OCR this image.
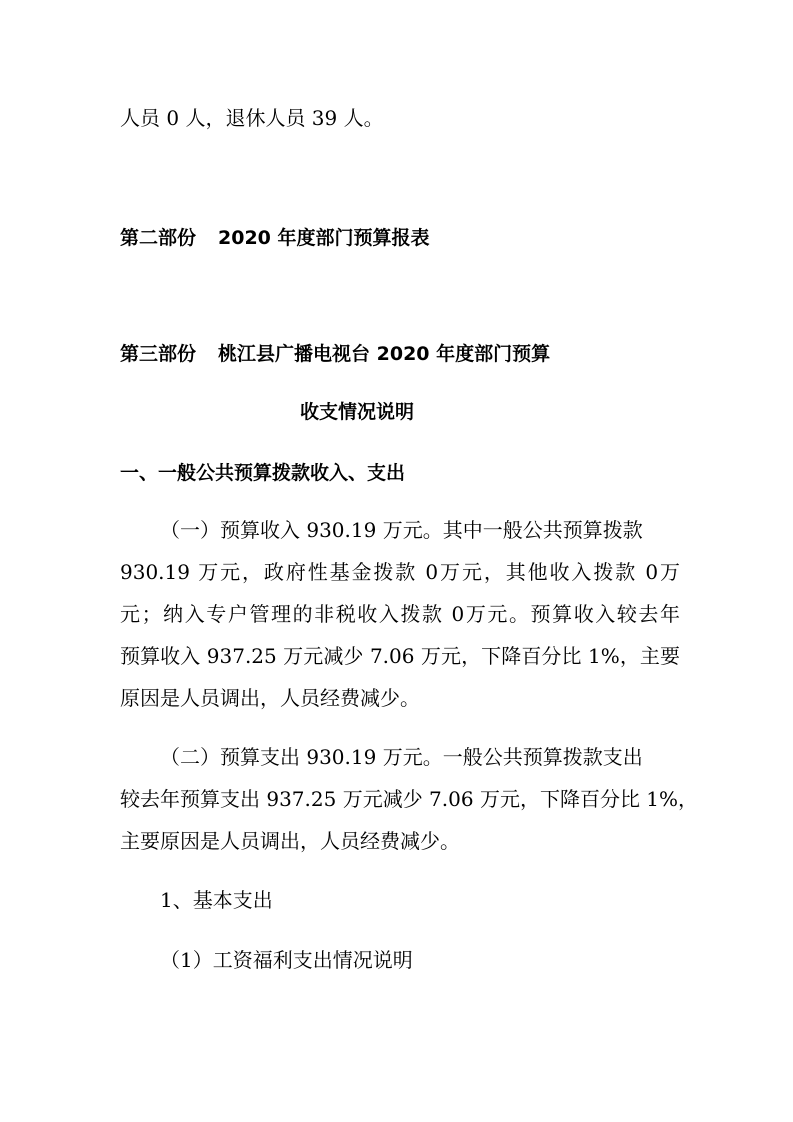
人员 0 人，退休人员 39 人。

第二部份 2020 年度部门预算报表

第三部份 桃江县广播电视台 2020 年度部门预算

收支情况说明

一、一般公共预算拨款收入、支出

（一）预算收入 930.19 万元。其中一般公共预算拨款

930.19 万元，政府性基金拨款 0万元，其他收入拨款 0万

元；纳入专户管理的非税收入拨款 0万元。预算收入较去年

预算收入 937.25 万元减少 7.06 万元，下降百分比 1%，主要

原因是人员调出，人员经费减少。

（二）预算支出 930.19 万元。一般公共预算拨款支出

较去年预算支出 937.25 万元减少 7.06 万元，下降百分比 1%，

主要原因是人员调出，人员经费减少。

1、基本支出

（1）工资福利支出情况说明
